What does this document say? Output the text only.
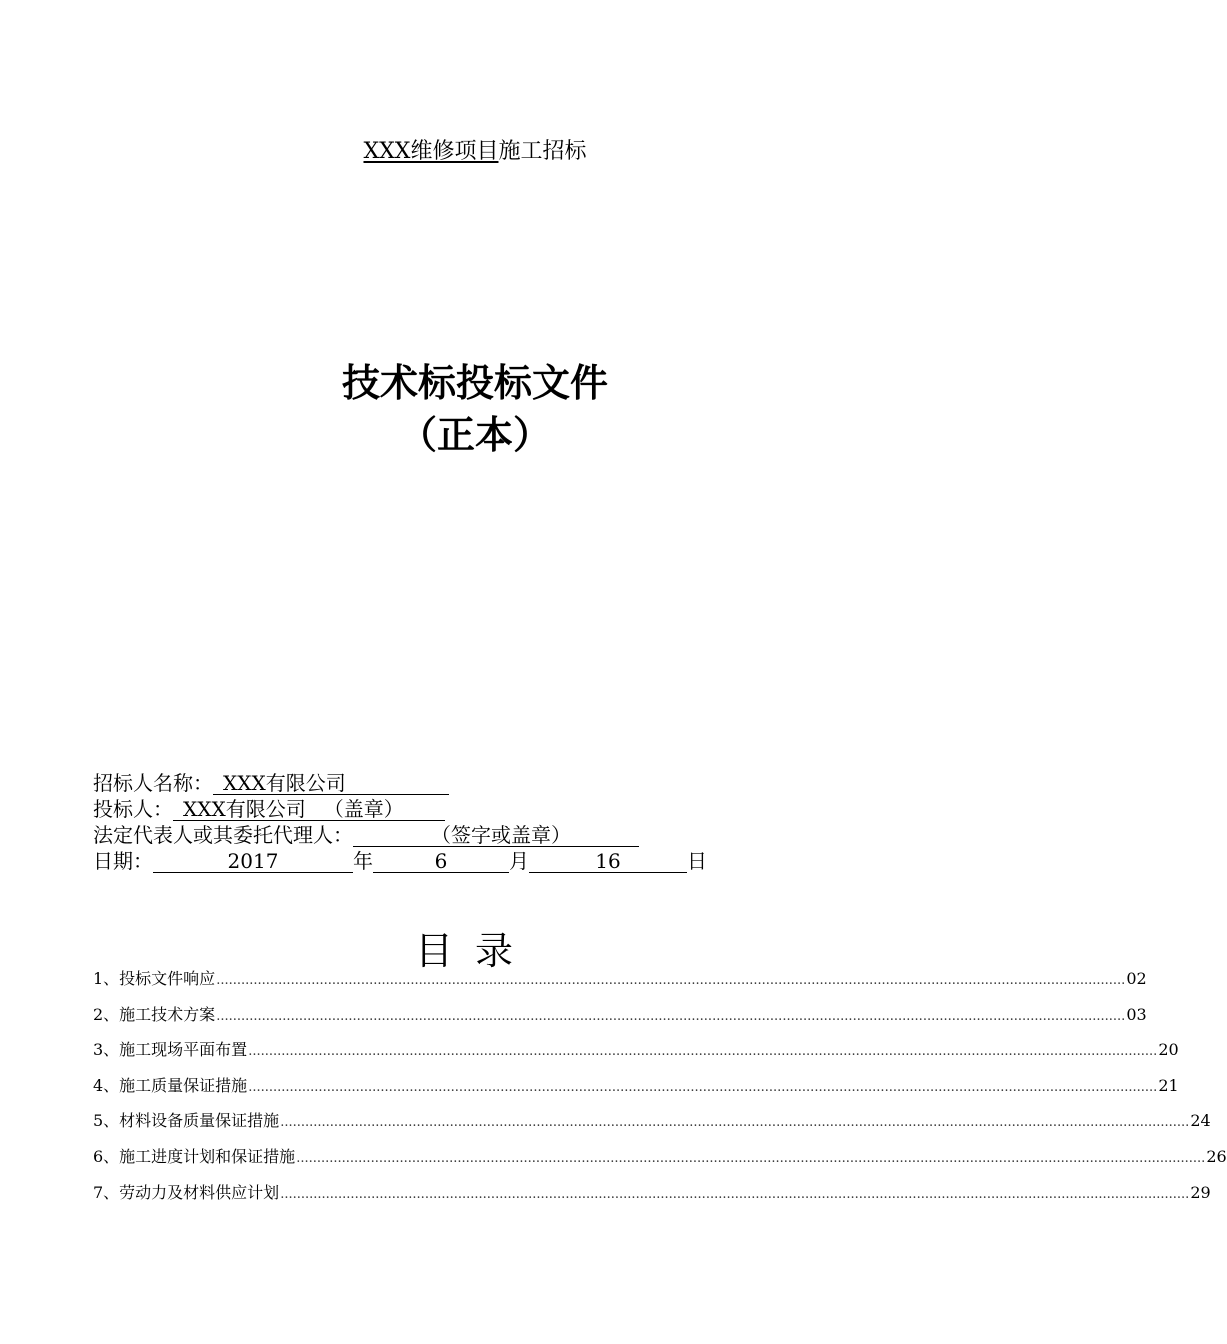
XXX维修项目施工招标
技术标投标文件
（正本）
招标人名称： XXX有限公司
投标人： XXX有限公司 （盖章）
法定代表人或其委托代理人：	（签字或盖章）
日期：	2017	年	6	月	16	日
目录
1、投标文件响应 ............................................................................................................................................................................................................................ 02
2、施工技术方案 ............................................................................................................................................................................................................................ 03
3、施工现场平面布置 ............................................................................................................................................................................................................................ 20
4、施工质量保证措施 ............................................................................................................................................................................................................................ 21
5、材料设备质量保证措施 ............................................................................................................................................................................................................................ 24
6、施工进度计划和保证措施 ............................................................................................................................................................................................................................ 26
7、劳动力及材料供应计划 ............................................................................................................................................................................................................................ 29
